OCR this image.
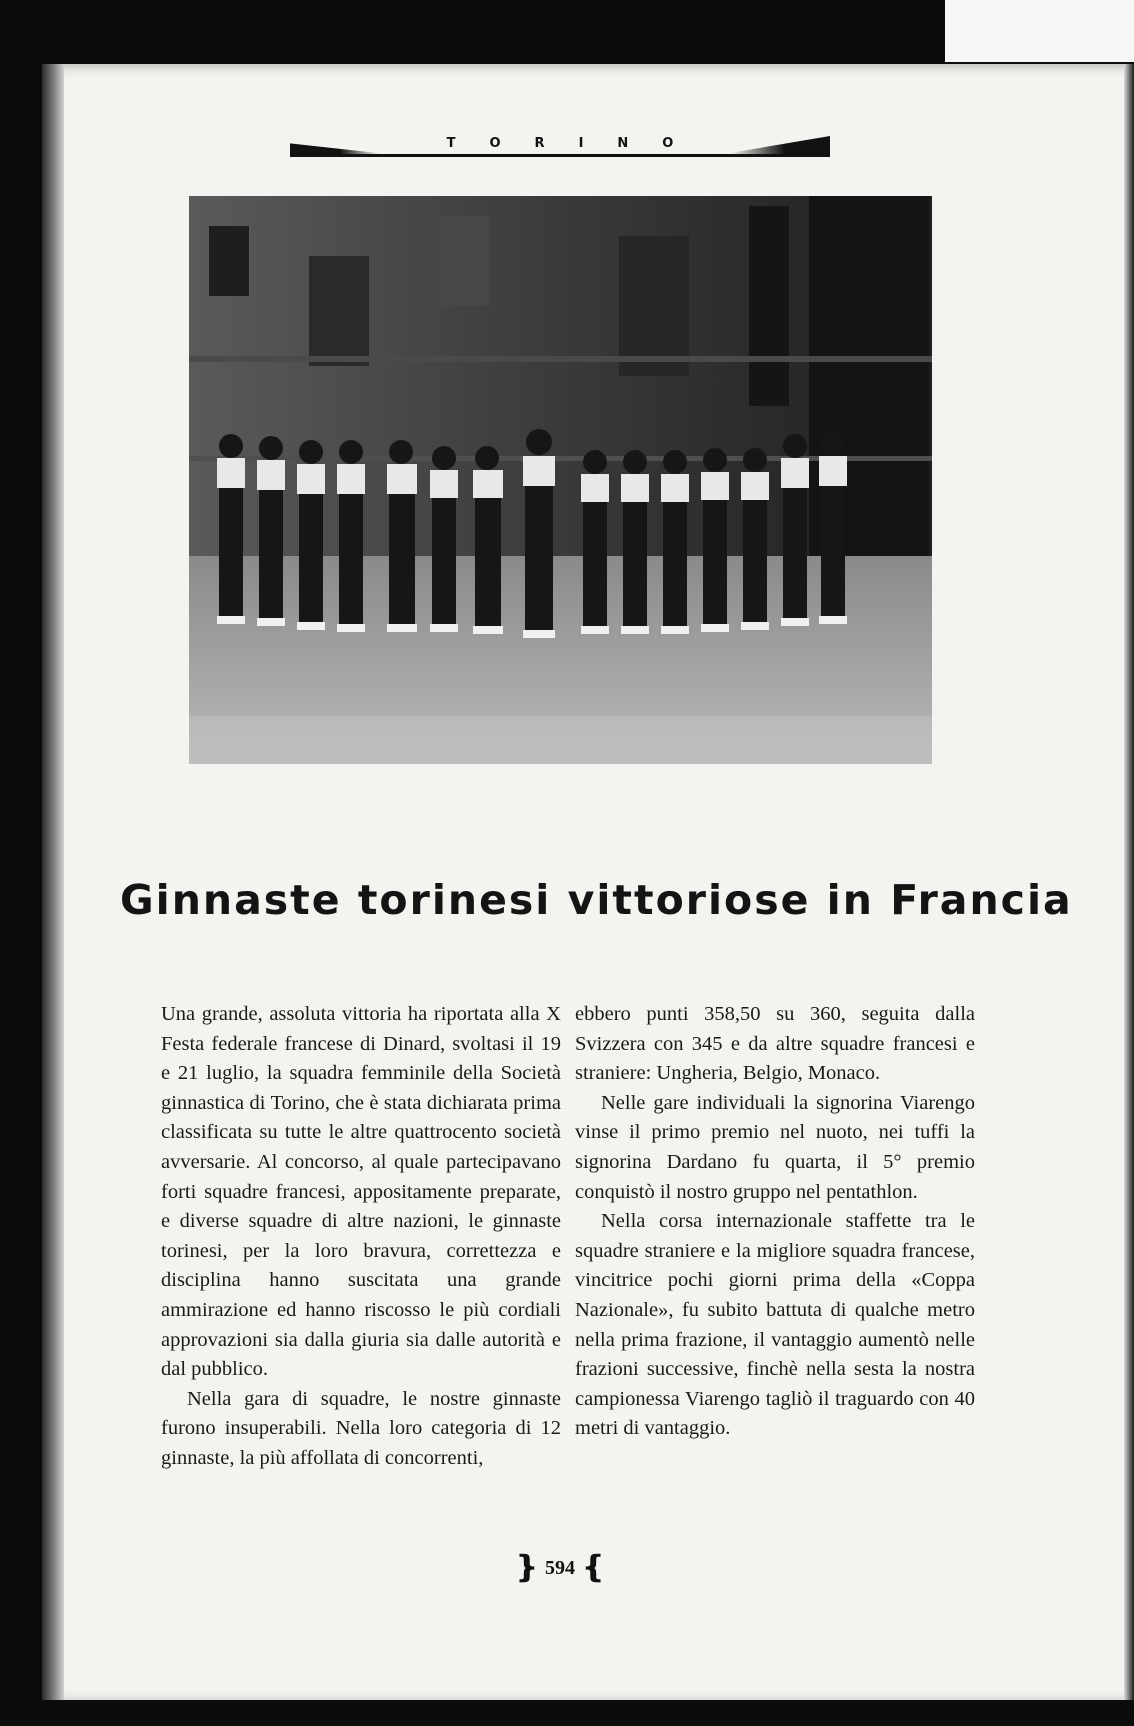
TORINO
Ginnaste torinesi vittoriose in Francia

Una grande, assoluta vittoria ha riportata alla X Festa federale francese di Dinard, svoltasi il 19 e 21 luglio, la squadra femminile della Società ginnastica di Torino, che è stata dichiarata prima classificata su tutte le altre quattrocento società avversarie. Al concorso, al quale partecipavano forti squadre francesi, appositamente preparate, e diverse squadre di altre nazioni, le ginnaste torinesi, per la loro bravura, correttezza e disciplina hanno suscitata una grande ammirazione ed hanno riscosso le più cordiali approvazioni sia dalla giuria sia dalle autorità e dal pubblico.

Nella gara di squadre, le nostre ginnaste furono insuperabili. Nella loro categoria di 12 ginnaste, la più affollata di concorrenti,

ebbero punti 358,50 su 360, seguita dalla Svizzera con 345 e da altre squadre francesi e straniere: Ungheria, Belgio, Monaco.

Nelle gare individuali la signorina Viarengo vinse il primo premio nel nuoto, nei tuffi la signorina Dardano fu quarta, il 5° premio conquistò il nostro gruppo nel pentathlon.

Nella corsa internazionale staffette tra le squadre straniere e la migliore squadra francese, vincitrice pochi giorni prima della «Coppa Nazionale», fu subito battuta di qualche metro nella prima frazione, il vantaggio aumentò nelle frazioni successive, finchè nella sesta la nostra campionessa Viarengo tagliò il traguardo con 40 metri di vantaggio.

❵ 594 ❴
